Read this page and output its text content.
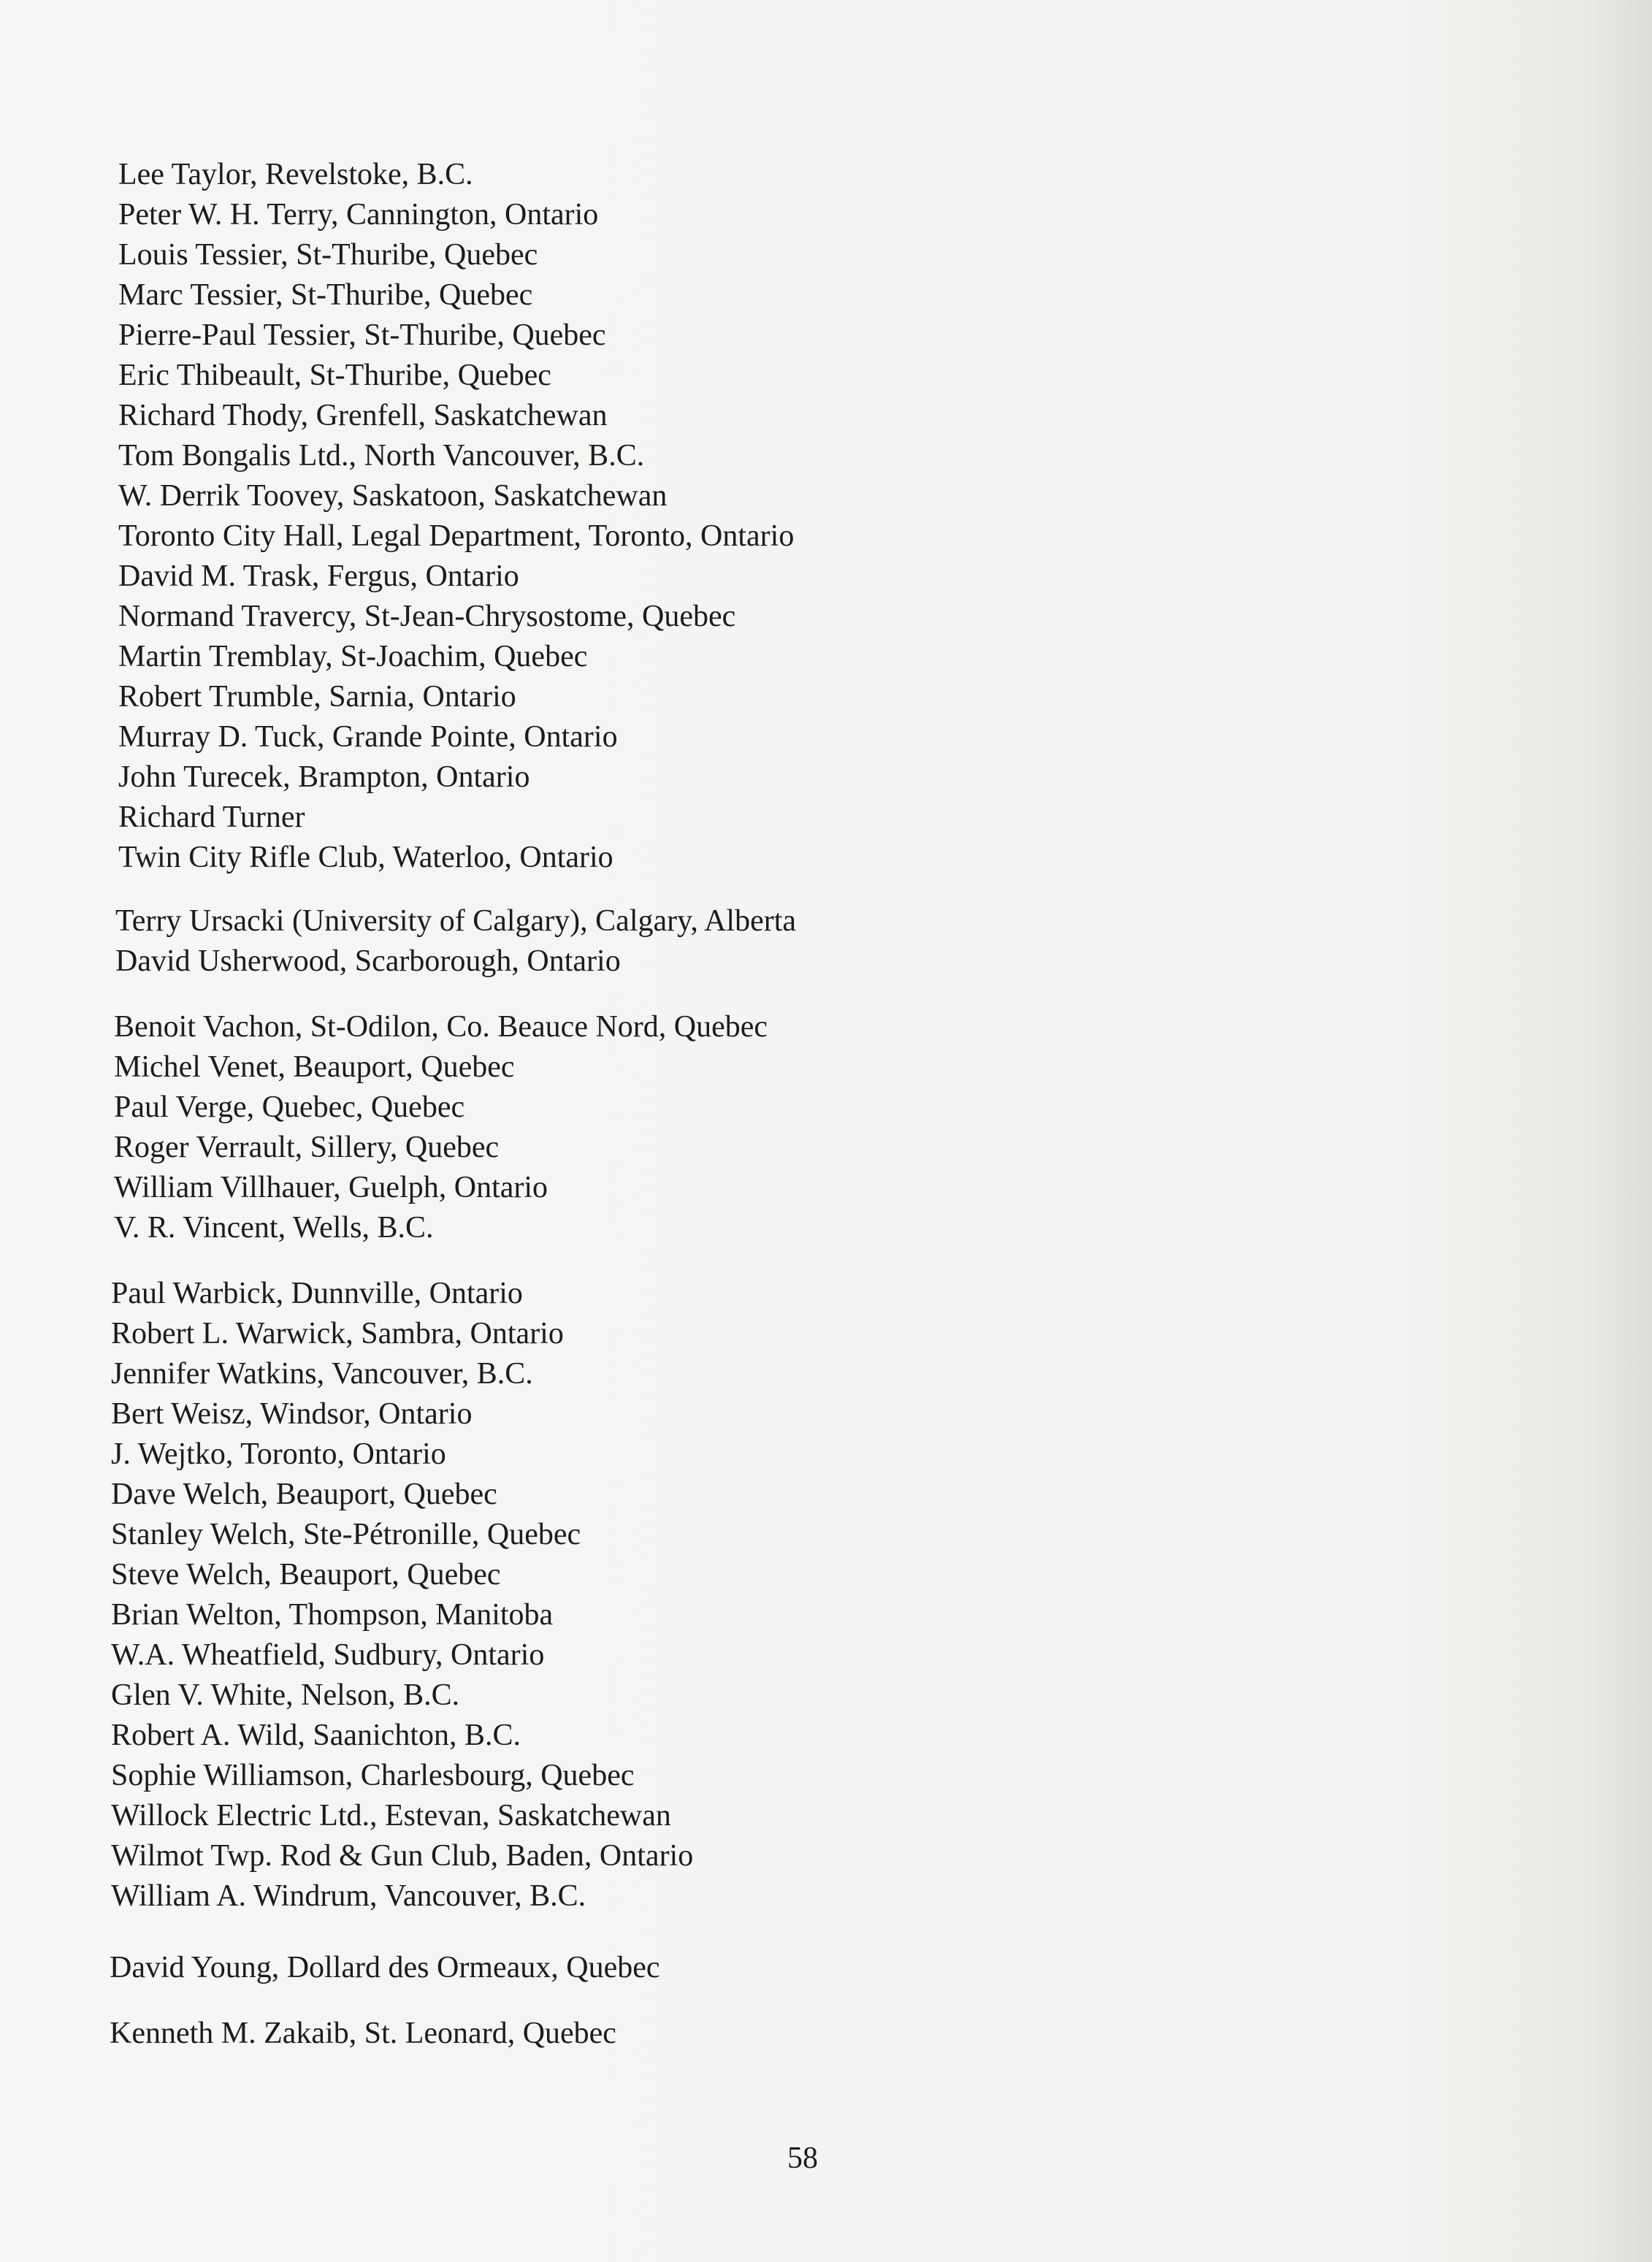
Lee Taylor, Revelstoke, B.C.
Peter W. H. Terry, Cannington, Ontario
Louis Tessier, St-Thuribe, Quebec
Marc Tessier, St-Thuribe, Quebec
Pierre-Paul Tessier, St-Thuribe, Quebec
Eric Thibeault, St-Thuribe, Quebec
Richard Thody, Grenfell, Saskatchewan
Tom Bongalis Ltd., North Vancouver, B.C.
W. Derrik Toovey, Saskatoon, Saskatchewan
Toronto City Hall, Legal Department, Toronto, Ontario
David M. Trask, Fergus, Ontario
Normand Travercy, St-Jean-Chrysostome, Quebec
Martin Tremblay, St-Joachim, Quebec
Robert Trumble, Sarnia, Ontario
Murray D. Tuck, Grande Pointe, Ontario
John Turecek, Brampton, Ontario
Richard Turner
Twin City Rifle Club, Waterloo, Ontario
Terry Ursacki (University of Calgary), Calgary, Alberta
David Usherwood, Scarborough, Ontario
Benoit Vachon, St-Odilon, Co. Beauce Nord, Quebec
Michel Venet, Beauport, Quebec
Paul Verge, Quebec, Quebec
Roger Verrault, Sillery, Quebec
William Villhauer, Guelph, Ontario
V. R. Vincent, Wells, B.C.
Paul Warbick, Dunnville, Ontario
Robert L. Warwick, Sambra, Ontario
Jennifer Watkins, Vancouver, B.C.
Bert Weisz, Windsor, Ontario
J. Wejtko, Toronto, Ontario
Dave Welch, Beauport, Quebec
Stanley Welch, Ste-Pétronille, Quebec
Steve Welch, Beauport, Quebec
Brian Welton, Thompson, Manitoba
W.A. Wheatfield, Sudbury, Ontario
Glen V. White, Nelson, B.C.
Robert A. Wild, Saanichton, B.C.
Sophie Williamson, Charlesbourg, Quebec
Willock Electric Ltd., Estevan, Saskatchewan
Wilmot Twp. Rod & Gun Club, Baden, Ontario
William A. Windrum, Vancouver, B.C.
David Young, Dollard des Ormeaux, Quebec
Kenneth M. Zakaib, St. Leonard, Quebec
58
